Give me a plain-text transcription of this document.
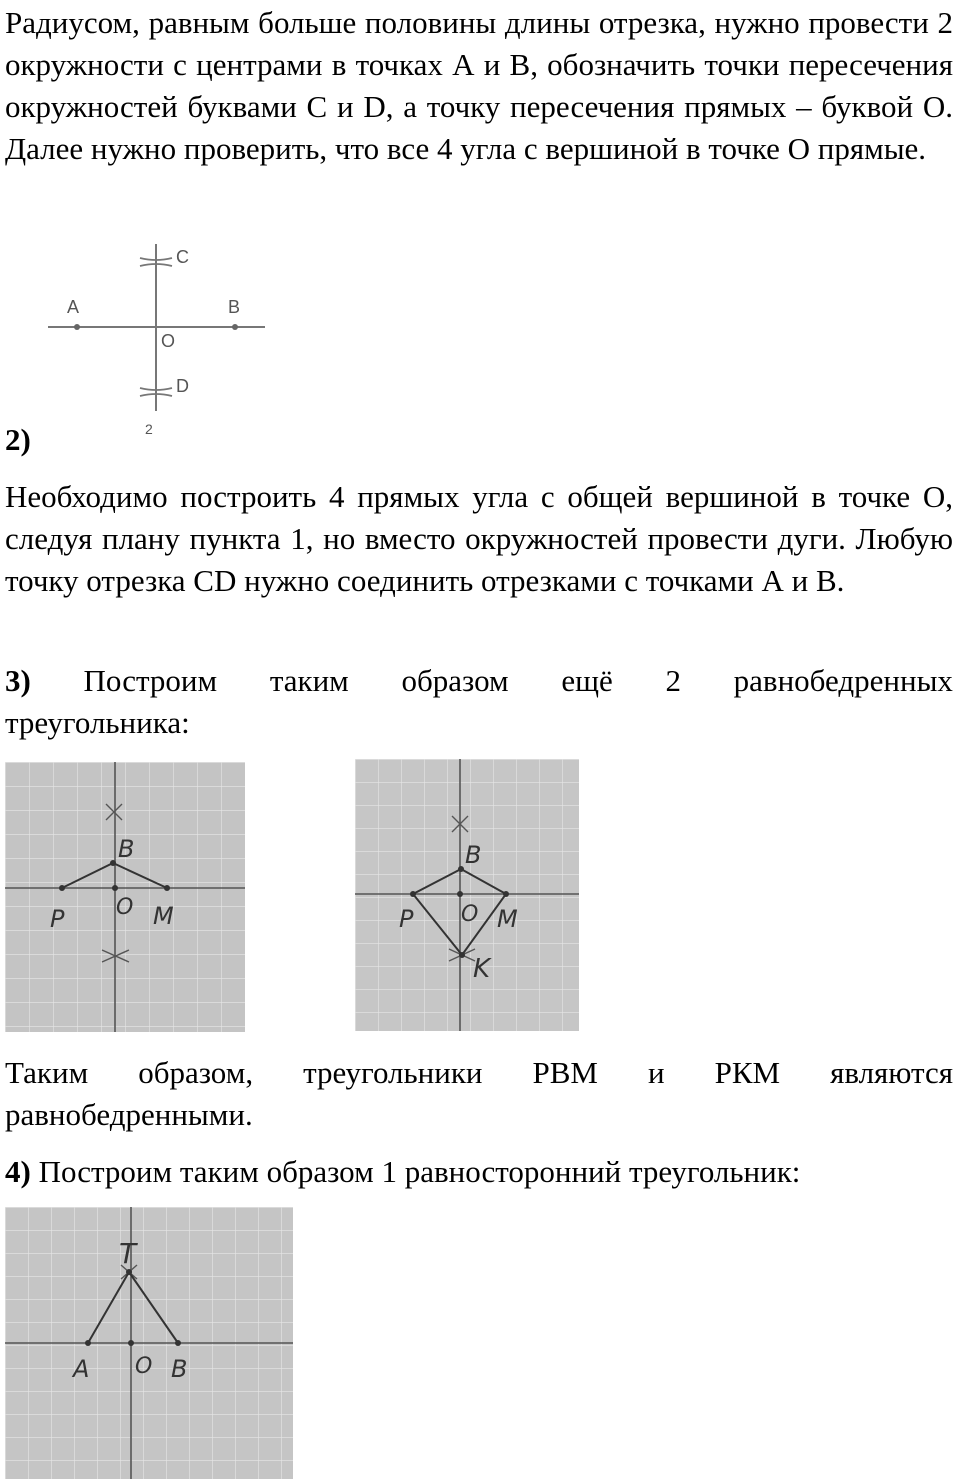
Радиусом, равным больше половины длины отрезка, нужно провести 2 окружности с центрами в точках А и В, обозначить точки пересечения окружностей буквами C и D, а точку пересечения прямых – буквой О. Далее нужно проверить, что все 4 угла с вершиной в точке О прямые.

A	B
C
D
O
2
2)

Необходимо построить 4 прямых угла с общей вершиной в точке О, следуя плану пункта 1, но вместо окружностей провести дуги. Любую точку отрезка CD нужно соединить отрезками с точками А и В.

3) Построим таким образом ещё 2 равнобедренных
треугольника:
B
O
P	M
B
O
P	M
K

Таким образом, треугольники РВМ и РКМ являются равнобедренными.

4) Построим таким образом 1 равносторонний треугольник:
T
A O B
